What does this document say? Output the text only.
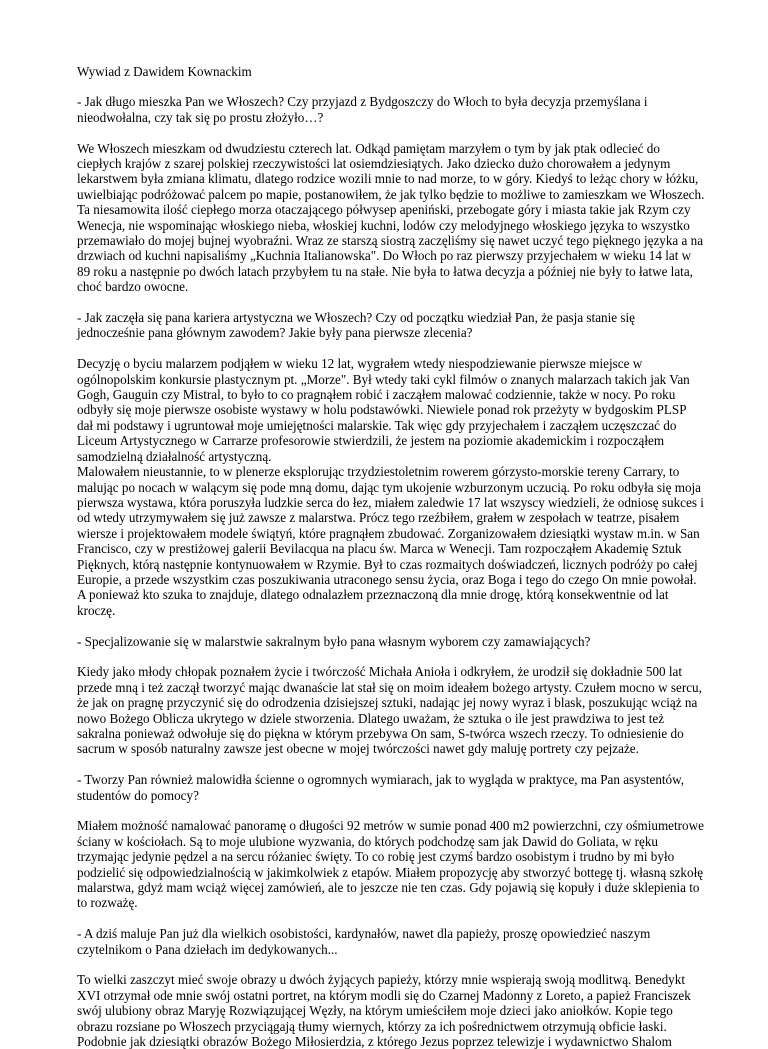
Wywiad z Dawidem Kownackim
- Jak długo mieszka Pan we Włoszech? Czy przyjazd z Bydgoszczy do Włoch to była decyzja przemyślana i nieodwołalna, czy tak się po prostu złożyło…?
We Włoszech mieszkam od dwudziestu czterech lat. Odkąd pamiętam marzyłem o tym by jak ptak odlecieć do ciepłych krajów z szarej polskiej rzeczywistości lat osiemdziesiątych. Jako dziecko dużo chorowałem a jedynym lekarstwem była zmiana klimatu, dlatego rodzice wozili mnie to nad morze, to w góry. Kiedyś to leżąc chory w łóżku, uwielbiając podróżować palcem po mapie, postanowiłem, że jak tylko będzie to możliwe to zamieszkam we Włoszech. Ta niesamowita ilość ciepłego morza otaczającego półwysep apeniński, przebogate góry i miasta takie jak Rzym czy Wenecja, nie wspominając włoskiego nieba, włoskiej kuchni, lodów czy melodyjnego włoskiego języka to wszystko przemawiało do mojej bujnej wyobraźni. Wraz ze starszą siostrą zaczęliśmy się nawet uczyć tego pięknego języka a na drzwiach od kuchni napisaliśmy „Kuchnia Italianowska". Do Włoch po raz pierwszy przyjechałem w wieku 14 lat w 89 roku a następnie po dwóch latach przybyłem tu na stałe. Nie była to łatwa decyzja a później nie były to łatwe lata, choć bardzo owocne.
- Jak zaczęła się pana kariera artystyczna we Włoszech? Czy od początku wiedział Pan, że pasja stanie się jednocześnie pana głównym zawodem? Jakie były pana pierwsze zlecenia?
Decyzję o byciu malarzem podjąłem w wieku 12 lat, wygrałem wtedy niespodziewanie pierwsze miejsce w ogólnopolskim konkursie plastycznym pt. „Morze". Był wtedy taki cykl filmów o znanych malarzach takich jak Van Gogh, Gauguin czy Mistral, to było to co pragnąłem robić i zacząłem malować codziennie, także w nocy. Po roku odbyły się moje pierwsze osobiste wystawy w holu podstawówki. Niewiele ponad rok przeżyty w bydgoskim PLSP dał mi podstawy i ugruntował moje umiejętności malarskie. Tak więc gdy przyjechałem i zacząłem uczęszczać do Liceum Artystycznego w Carrarze profesorowie stwierdzili, że jestem na poziomie akademickim i rozpocząłem samodzielną działalność artystyczną.
Malowałem nieustannie, to w plenerze eksplorując trzydziestoletnim rowerem górzysto-morskie tereny Carrary, to malując po nocach w walącym się pode mną domu, dając tym ukojenie wzburzonym uczucią. Po roku odbyła się moja pierwsza wystawa, która poruszyła ludzkie serca do łez, miałem zaledwie 17 lat wszyscy wiedzieli, że odniosę sukces i od wtedy utrzymywałem się już zawsze z malarstwa. Prócz tego rzeźbiłem, grałem w zespołach w teatrze, pisałem wiersze i projektowałem modele świątyń, które pragnąłem zbudować. Zorganizowałem dziesiątki wystaw m.in. w San Francisco, czy w prestiżowej galerii Bevilacqua na placu św. Marca w Wenecji. Tam rozpocząłem Akademię Sztuk Pięknych, którą następnie kontynuowałem w Rzymie. Był to czas rozmaitych doświadczeń, licznych podróży po całej Europie, a przede wszystkim czas poszukiwania utraconego sensu życia, oraz Boga i tego do czego On mnie powołał. A ponieważ kto szuka to znajduje, dlatego odnalazłem przeznaczoną dla mnie drogę, którą konsekwentnie od lat kroczę.
- Specjalizowanie się w malarstwie sakralnym było pana własnym wyborem czy zamawiających?
Kiedy jako młody chłopak poznałem życie i twórczość Michała Anioła i odkryłem, że urodził się dokładnie 500 lat przede mną i też zaczął tworzyć mając dwanaście lat stał się on moim ideałem bożego artysty. Czułem mocno w sercu, że jak on pragnę przyczynić się do odrodzenia dzisiejszej sztuki, nadając jej nowy wyraz i blask, poszukując wciąż na nowo Bożego Oblicza ukrytego w dziele stworzenia. Dlatego uważam, że sztuka o ile jest prawdziwa to jest też sakralna ponieważ odwołuje się do piękna w którym przebywa On sam, S-twórca wszech rzeczy. To odniesienie do sacrum w sposób naturalny zawsze jest obecne w mojej twórczości nawet gdy maluję portrety czy pejzaże.
- Tworzy Pan również malowidła ścienne o ogromnych wymiarach, jak to wygląda w praktyce, ma Pan asystentów, studentów do pomocy?
Miałem możność namalować panoramę o długości 92 metrów w sumie ponad 400 m2 powierzchni, czy ośmiumetrowe ściany w kościołach. Są to moje ulubione wyzwania, do których podchodzę sam jak Dawid do Goliata, w ręku trzymając jedynie pędzel a na sercu różaniec święty. To co robię jest czymś bardzo osobistym i trudno by mi było podzielić się odpowiedzialnością w jakimkolwiek z etapów. Miałem propozycję aby stworzyć bottegę tj. własną szkołę malarstwa, gdyż mam wciąż więcej zamówień, ale to jeszcze nie ten czas. Gdy pojawią się kopuły i duże sklepienia to to rozważę.
- A dziś maluje Pan już dla wielkich osobistości, kardynałów, nawet dla papieży, proszę opowiedzieć naszym czytelnikom o Pana dziełach im dedykowanych...
To wielki zaszczyt mieć swoje obrazy u dwóch żyjących papieży, którzy mnie wspierają swoją modlitwą. Benedykt XVI otrzymał ode mnie swój ostatni portret, na którym modli się do Czarnej Madonny z Loreto, a papież Franciszek swój ulubiony obraz Maryję Rozwiązującej Węzły, na którym umieściłem moje dzieci jako aniołków. Kopie tego obrazu rozsiane po Włoszech przyciągają tłumy wiernych, którzy za ich pośrednictwem otrzymują obficie łaski. Podobnie jak dziesiątki obrazów Bożego Miłosierdzia, z którego Jezus poprzez telewizje i wydawnictwo Shalom
